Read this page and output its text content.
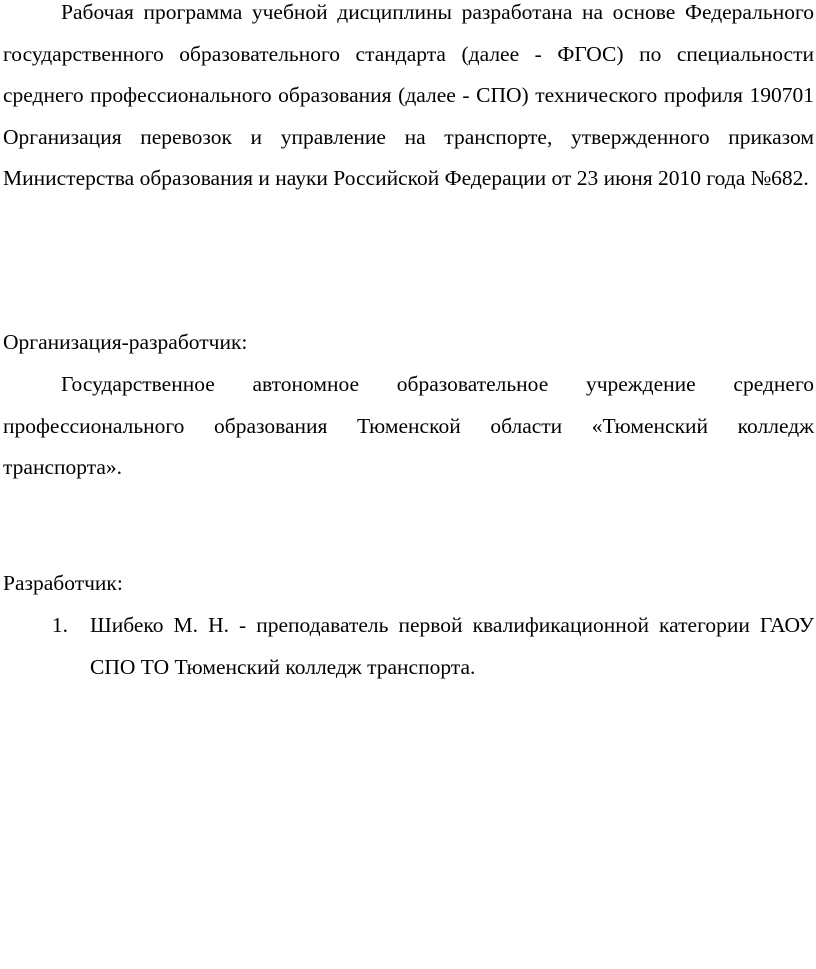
Рабочая программа учебной дисциплины разработана на основе Федерального государственного образовательного стандарта (далее - ФГОС) по специальности среднего профессионального образования (далее - СПО) технического профиля 190701 Организация перевозок и управление на транспорте, утвержденного приказом Министерства образования и науки Российской Федерации от 23 июня 2010 года №682.

Организация-разработчик:

Государственное автономное образовательное учреждение среднего профессионального образования Тюменской области «Тюменский колледж транспорта».

Разработчик:

1.	Шибеко М. Н. - преподаватель первой квалификационной категории ГАОУ СПО ТО Тюменский колледж транспорта.
